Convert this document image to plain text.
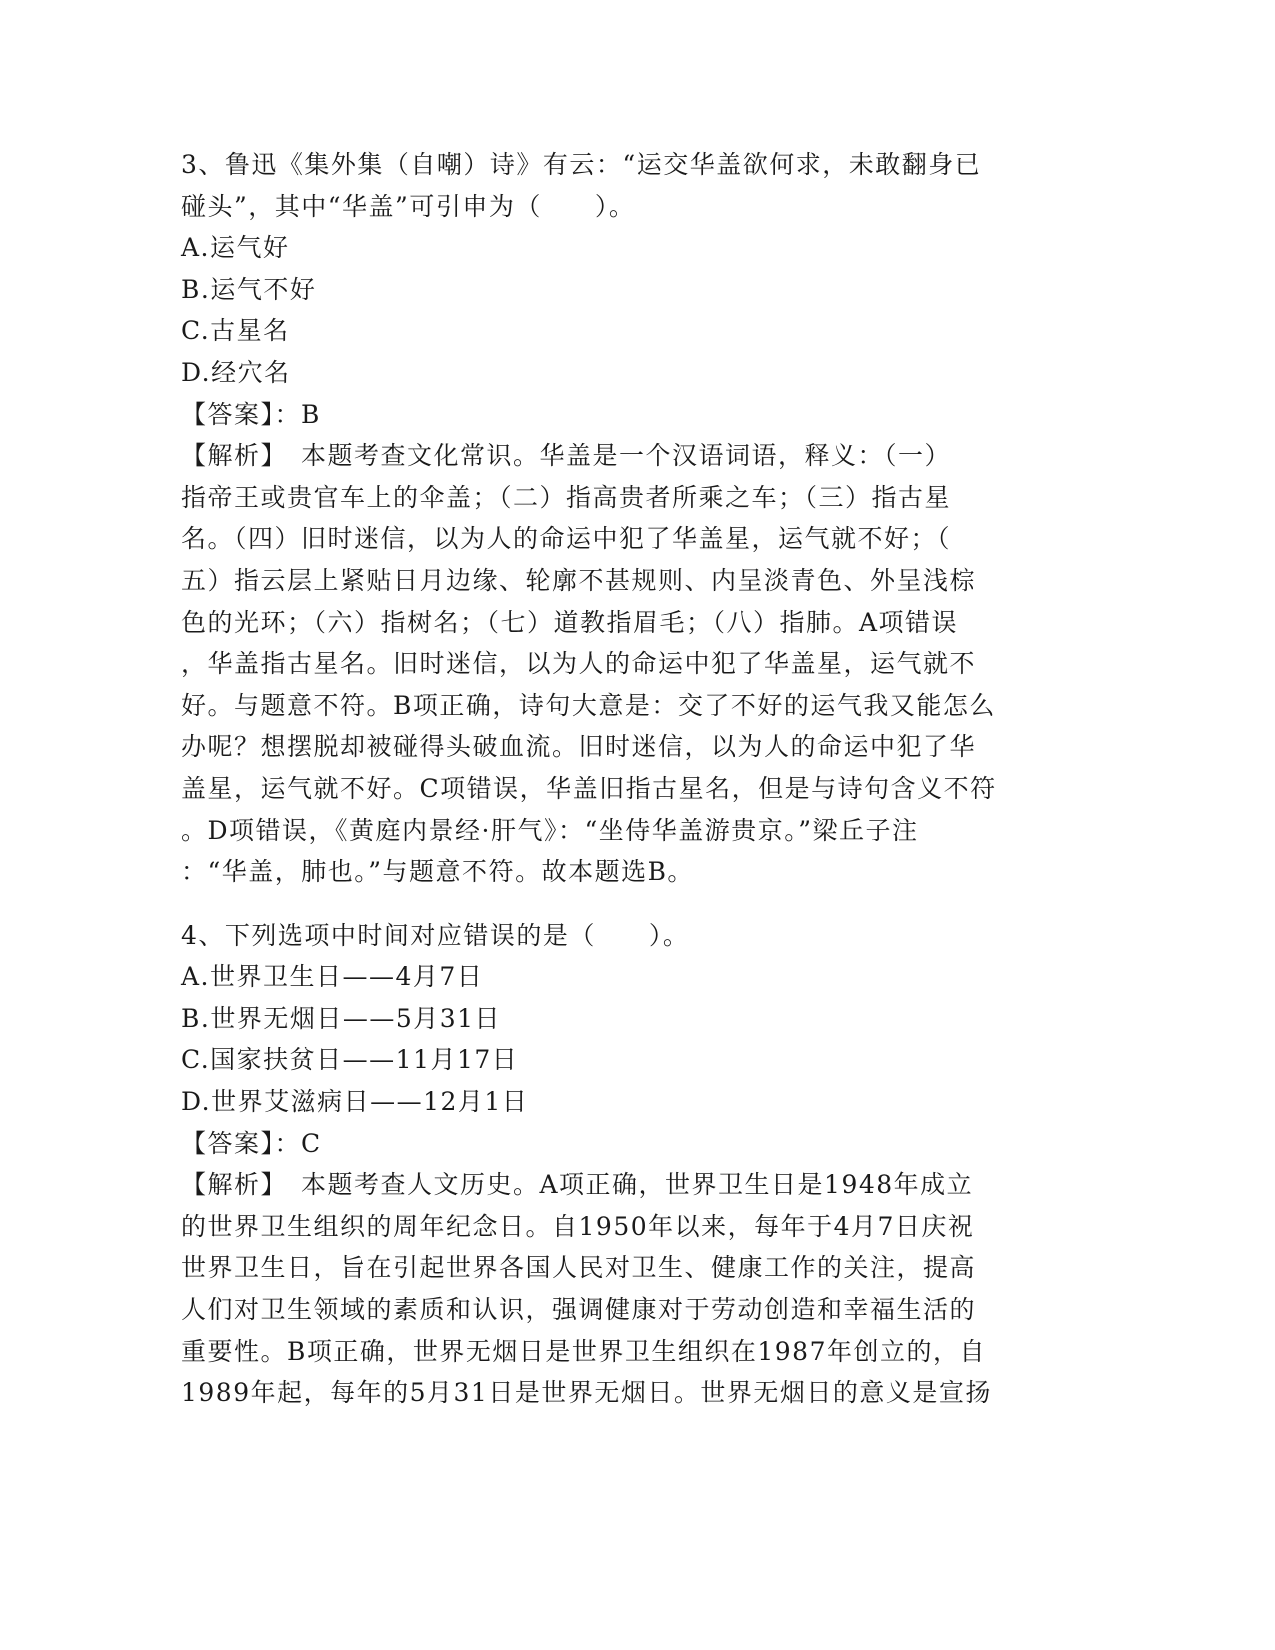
3、鲁迅《集外集（自嘲）诗》有云：“运交华盖欲何求，未敢翻身已
碰头”，其中“华盖”可引申为（　　）。
A.运气好
B.运气不好
C.古星名
D.经穴名
【答案】：B
【解析】　本题考查文化常识。华盖是一个汉语词语，释义：（一）
指帝王或贵官车上的伞盖；（二）指高贵者所乘之车；（三）指古星
名。（四）旧时迷信，以为人的命运中犯了华盖星，运气就不好；（
五）指云层上紧贴日月边缘、轮廓不甚规则、内呈淡青色、外呈浅棕
色的光环；（六）指树名；（七）道教指眉毛；（八）指肺。A项错误
，华盖指古星名。旧时迷信，以为人的命运中犯了华盖星，运气就不
好。与题意不符。B项正确，诗句大意是：交了不好的运气我又能怎么
办呢？想摆脱却被碰得头破血流。旧时迷信，以为人的命运中犯了华
盖星，运气就不好。C项错误，华盖旧指古星名，但是与诗句含义不符
。D项错误，《黄庭内景经·肝气》：“坐侍华盖游贵京。”梁丘子注
：“华盖，肺也。”与题意不符。故本题选B。
4、下列选项中时间对应错误的是（　　）。
A.世界卫生日——4月7日
B.世界无烟日——5月31日
C.国家扶贫日——11月17日
D.世界艾滋病日——12月1日
【答案】：C
【解析】　本题考查人文历史。A项正确，世界卫生日是1948年成立
的世界卫生组织的周年纪念日。自1950年以来，每年于4月7日庆祝
世界卫生日，旨在引起世界各国人民对卫生、健康工作的关注，提高
人们对卫生领域的素质和认识，强调健康对于劳动创造和幸福生活的
重要性。B项正确，世界无烟日是世界卫生组织在1987年创立的，自
1989年起，每年的5月31日是世界无烟日。世界无烟日的意义是宣扬
